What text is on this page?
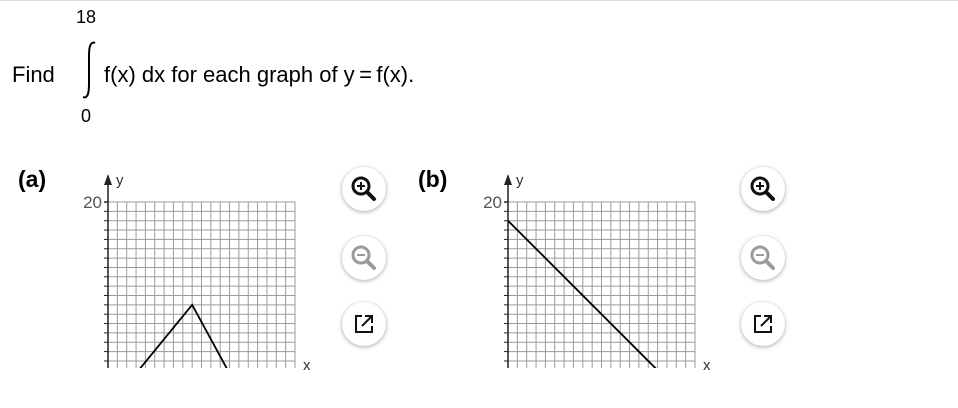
Find
18
0
f(x) dx for each graph of y = f(x).
(a)	y
20
x
(b)	y
20
x
